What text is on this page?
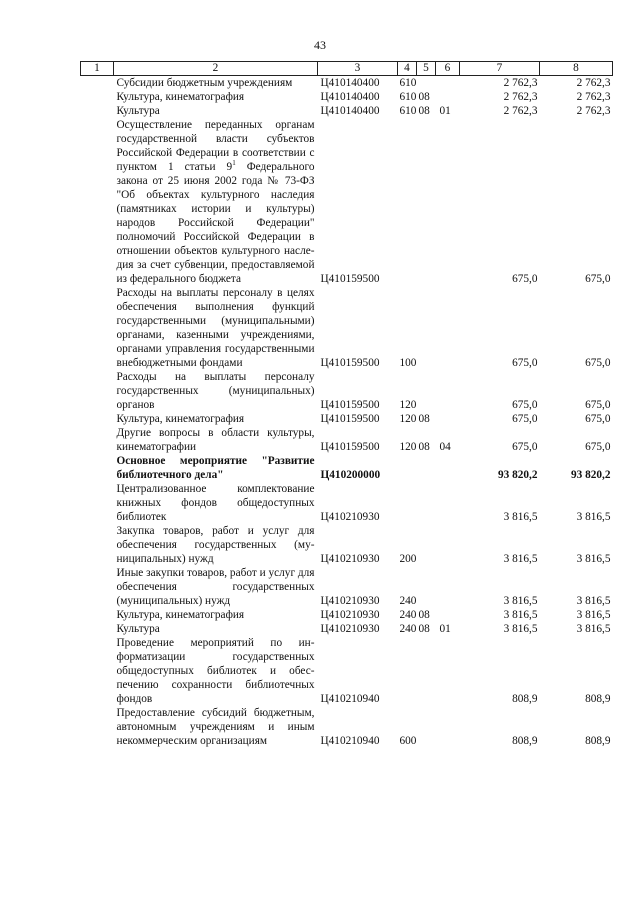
43
1	2	3	4	5	6	7	8
	Субсидии бюджетным учреждениям	Ц410140400	610			2 762,3	2 762,3
	Культура, кинематография	Ц410140400	610	08		2 762,3	2 762,3
	Культура	Ц410140400	610	08	01	2 762,3	2 762,3
	Осуществление переданных органам государственной власти субъектов Российской Федерации в соответствии с пунктом 1 статьи $9^1$ Федерального закона от 25 июня 2002 года № 73-ФЗ "Об объектах культурного наследия (памятниках истории и культуры) народов Российской Федерации" полномочий Российской Федерации в отношении объектов культурного наследия за счет субвенции, предоставляемой из федерального бюджета	Ц410159500				675,0	675,0
	Расходы на выплаты персоналу в целях обеспечения выполнения функций государственными (муниципальными) органами, казенными учреждениями, органами управления государственными внебюджетными фондами	Ц410159500	100			675,0	675,0
	Расходы на выплаты персоналу государственных (муниципальных) органов	Ц410159500	120			675,0	675,0
	Культура, кинематография	Ц410159500	120	08		675,0	675,0
	Другие вопросы в области культуры, кинематографии	Ц410159500	120	08	04	675,0	675,0
	Основное мероприятие "Развитие библиотечного дела"	Ц410200000				93 820,2	93 820,2
	Централизованное комплектование книжных фондов общедоступных библиотек	Ц410210930				3 816,5	3 816,5
	Закупка товаров, работ и услуг для обеспечения государственных (муниципальных) нужд	Ц410210930	200			3 816,5	3 816,5
	Иные закупки товаров, работ и услуг для обеспечения государственных (муниципальных) нужд	Ц410210930	240			3 816,5	3 816,5
	Культура, кинематография	Ц410210930	240	08		3 816,5	3 816,5
	Культура	Ц410210930	240	08	01	3 816,5	3 816,5
	Проведение мероприятий по информатизации государственных общедоступных библиотек и обеспечению сохранности библиотечных фондов	Ц410210940				808,9	808,9
	Предоставление субсидий бюджетным, автономным учреждениям и иным некоммерческим организациям	Ц410210940	600			808,9	808,9
